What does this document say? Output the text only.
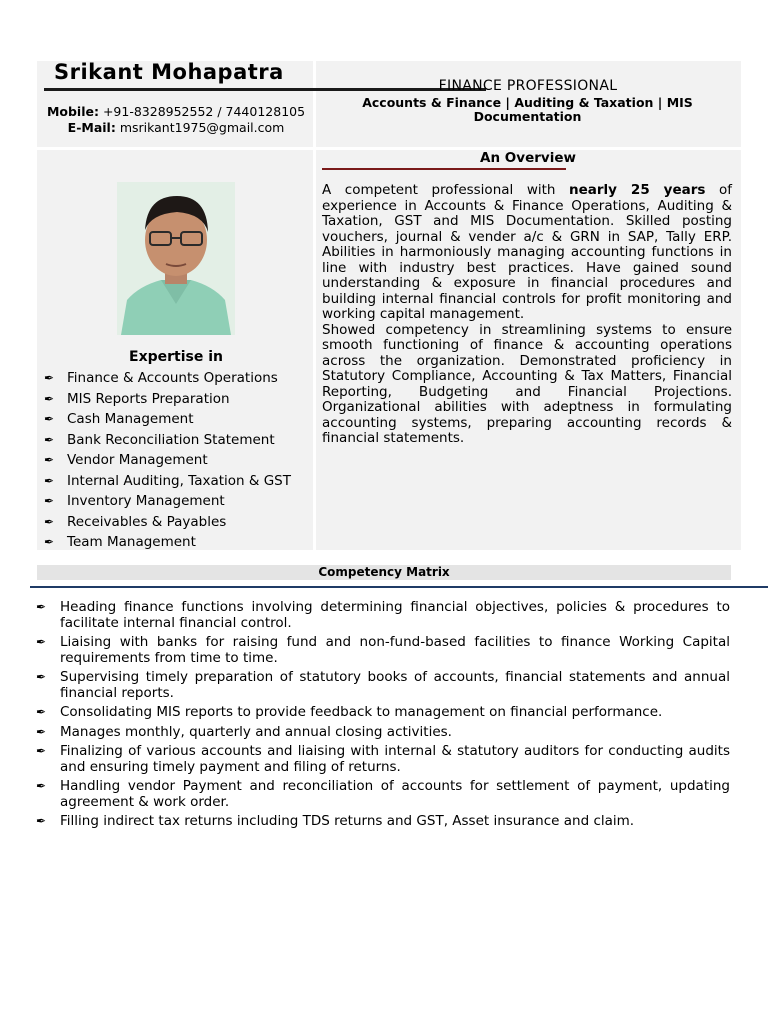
Srikant Mohapatra
Mobile: +91-8328952552 / 7440128105
E-Mail: msrikant1975@gmail.com
FINANCE PROFESSIONAL
Accounts & Finance | Auditing & Taxation | MIS Documentation
An Overview

A competent professional with nearly 25 years of experience in Accounts & Finance Operations, Auditing & Taxation, GST and MIS Documentation. Skilled posting vouchers, journal & vender a/c & GRN in SAP, Tally ERP. Abilities in harmoniously managing accounting functions in line with industry best practices. Have gained sound understanding & exposure in financial procedures and building internal financial controls for profit monitoring and working capital management.

Showed competency in streamlining systems to ensure smooth functioning of finance & accounting operations across the organization. Demonstrated proficiency in Statutory Compliance, Accounting & Tax Matters, Financial Reporting, Budgeting and Financial Projections. Organizational abilities with adeptness in formulating accounting systems, preparing accounting records & financial statements.

Expertise in
✒ Finance & Accounts Operations
✒ MIS Reports Preparation
✒ Cash Management
✒ Bank Reconciliation Statement
✒ Vendor Management
✒ Internal Auditing, Taxation & GST
✒ Inventory Management
✒ Receivables & Payables
✒ Team Management
Competency Matrix
✒	Heading finance functions involving determining financial objectives, policies & procedures to facilitate internal financial control.
✒	Liaising with banks for raising fund and non-fund-based facilities to finance Working Capital requirements from time to time.
✒	Supervising timely preparation of statutory books of accounts, financial statements and annual financial reports.
✒	Consolidating MIS reports to provide feedback to management on financial performance.
✒	Manages monthly, quarterly and annual closing activities.
✒	Finalizing of various accounts and liaising with internal & statutory auditors for conducting audits and ensuring timely payment and filing of returns.
✒	Handling vendor Payment and reconciliation of accounts for settlement of payment, updating agreement & work order.
✒	Filling indirect tax returns including TDS returns and GST, Asset insurance and claim.
